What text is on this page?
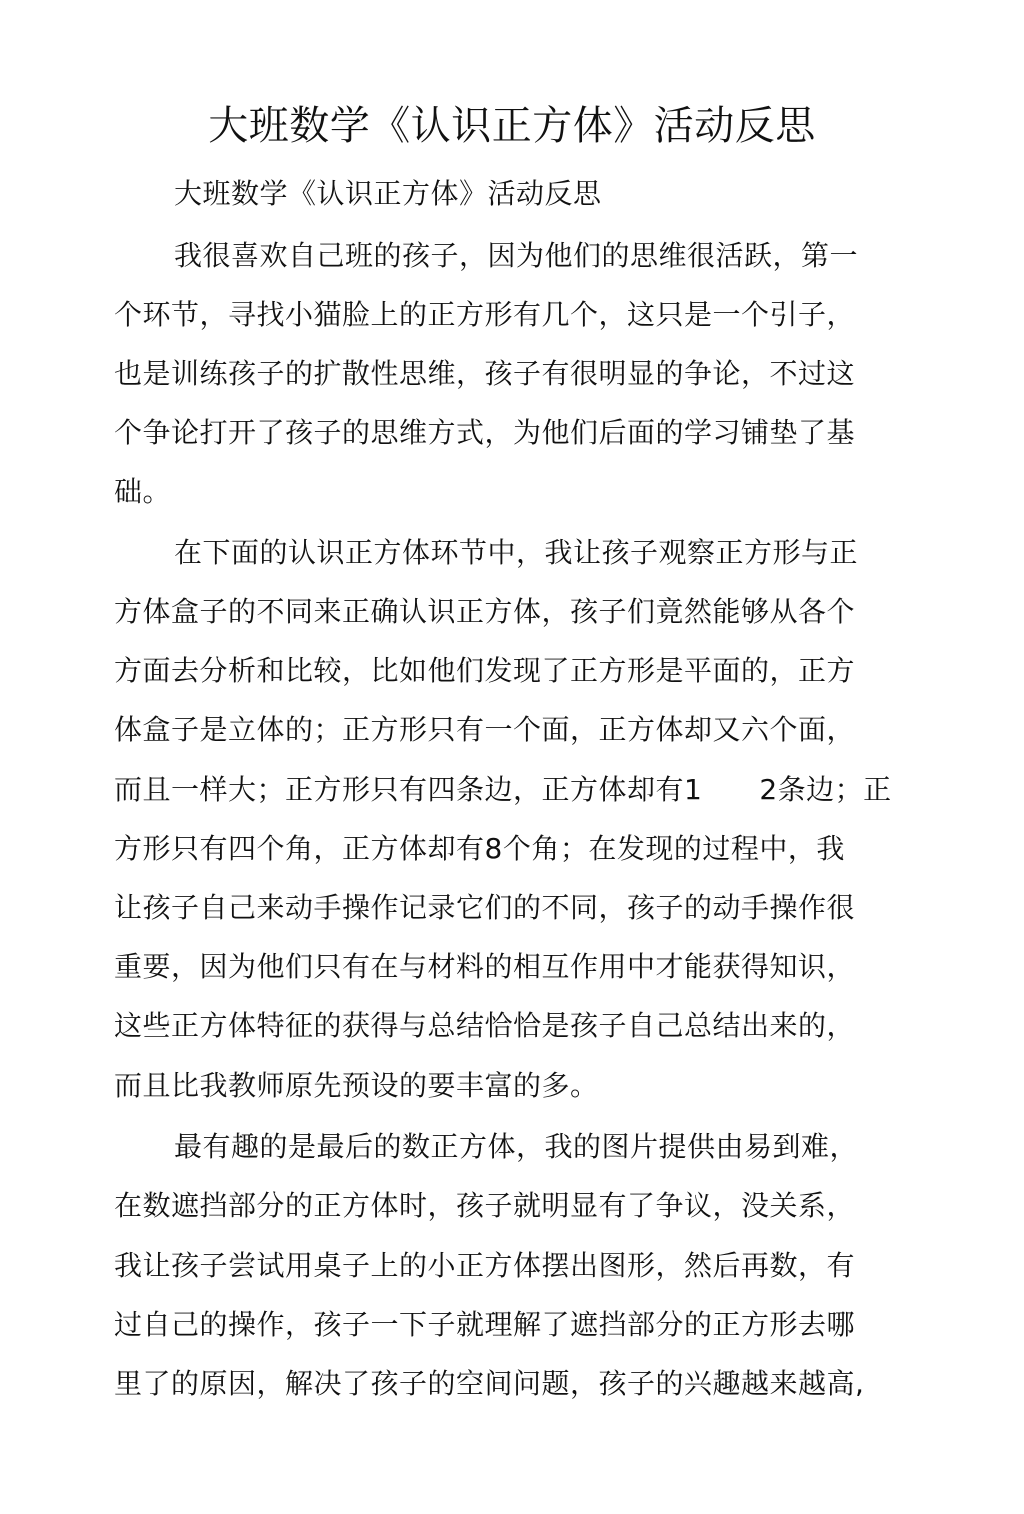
大班数学《认识正方体》活动反思
大班数学《认识正方体》活动反思
我很喜欢自己班的孩子，因为他们的思维很活跃，第一
个环节，寻找小猫脸上的正方形有几个，这只是一个引子，
也是训练孩子的扩散性思维，孩子有很明显的争论，不过这
个争论打开了孩子的思维方式，为他们后面的学习铺垫了基
础。
在下面的认识正方体环节中，我让孩子观察正方形与正
方体盒子的不同来正确认识正方体，孩子们竟然能够从各个
方面去分析和比较，比如他们发现了正方形是平面的，正方
体盒子是立体的；正方形只有一个面，正方体却又六个面，
而且一样大；正方形只有四条边，正方体却有1　　2条边；正
方形只有四个角，正方体却有8个角；在发现的过程中，我
让孩子自己来动手操作记录它们的不同，孩子的动手操作很
重要，因为他们只有在与材料的相互作用中才能获得知识，
这些正方体特征的获得与总结恰恰是孩子自己总结出来的，
而且比我教师原先预设的要丰富的多。
最有趣的是最后的数正方体，我的图片提供由易到难，
在数遮挡部分的正方体时，孩子就明显有了争议，没关系，
我让孩子尝试用桌子上的小正方体摆出图形，然后再数，有
过自己的操作，孩子一下子就理解了遮挡部分的正方形去哪
里了的原因，解决了孩子的空间问题，孩子的兴趣越来越高,
